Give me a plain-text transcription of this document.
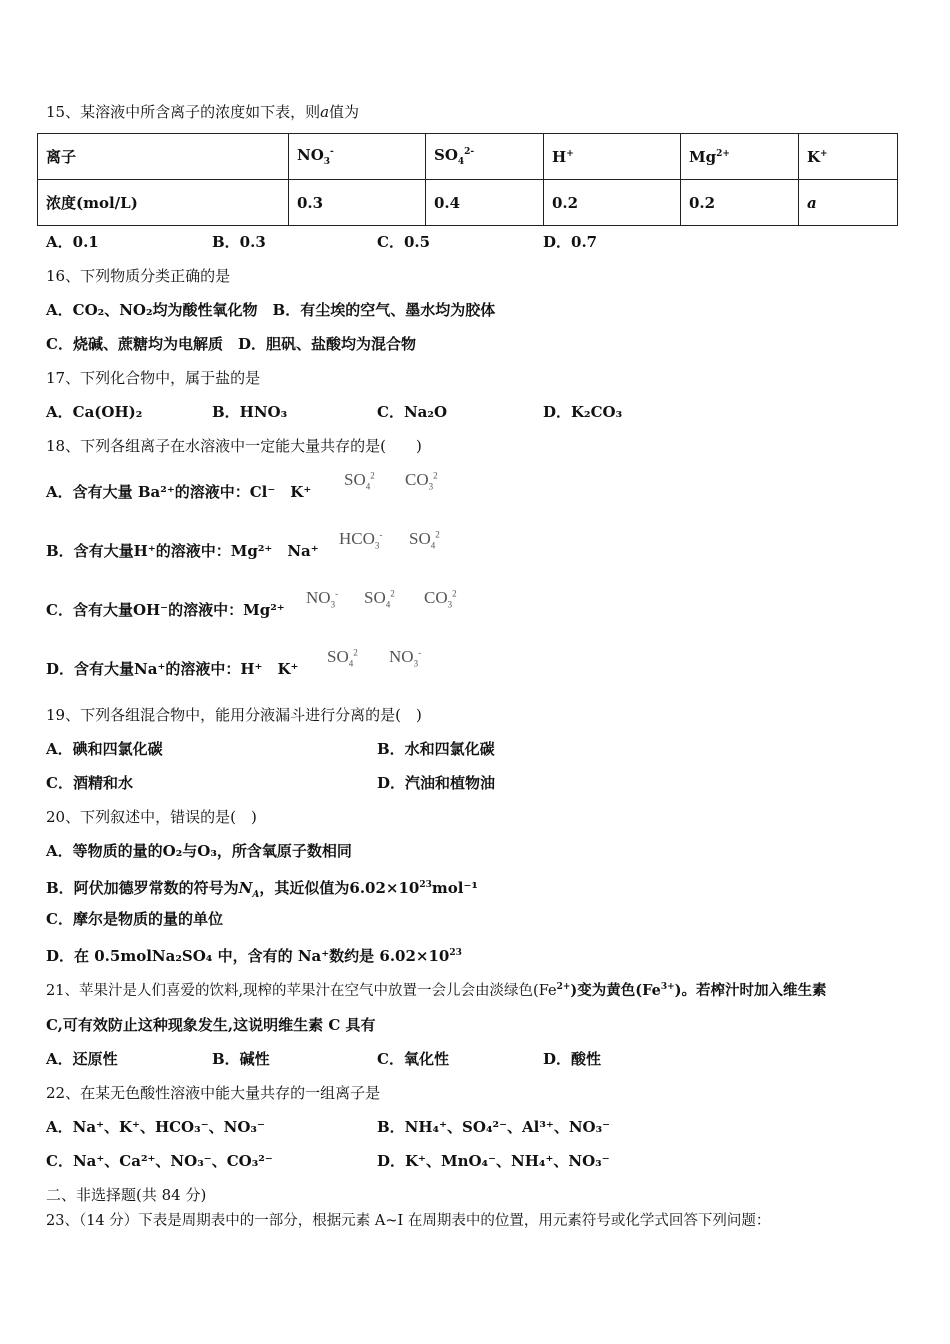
15、某溶液中所含离子的浓度如下表，则a值为
离子	$NO_3^-$	$SO_4^{2-}$	H+	$Mg^{2+}$	K+
浓度(mol/L)	0.3	0.4	0.2	0.2	a
A．0.1	B．0.3	C．0.5	D．0.7
16、下列物质分类正确的是
A．CO₂、NO₂均为酸性氧化物　B．有尘埃的空气、墨水均为胶体
C．烧碱、蔗糖均为电解质　D．胆矾、盐酸均为混合物
17、下列化合物中，属于盐的是
A．Ca(OH)₂	B．HNO₃	C．Na₂O	D．K₂CO₃
18、下列各组离子在水溶液中一定能大量共存的是(　　)
A．含有大量 Ba²⁺的溶液中：Cl⁻　K⁺
$SO_4^2$ $CO_3^2$
B．含有大量H⁺的溶液中：Mg²⁺　Na⁺
$HCO_3^-$ $SO_4^2$
C．含有大量OH⁻的溶液中：Mg²⁺
$NO_3^-$ $SO_4^2$ $CO_3^2$
D．含有大量Na⁺的溶液中：H⁺　K⁺
$SO_4^2$ $NO_3^-$
19、下列各组混合物中，能用分液漏斗进行分离的是(　)
A．碘和四氯化碳	B．水和四氯化碳
C．酒精和水	D．汽油和植物油
20、下列叙述中，错误的是(　)
A．等物质的量的O₂与O₃，所含氧原子数相同
B．阿伏加德罗常数的符号为$N_A$，其近似值为$6.02\times 10^{23}mol^{-1}$
C．摩尔是物质的量的单位
D．在 0.5molNa₂SO₄ 中，含有的 Na⁺数约是 $6.02\times 10^{23}$
21、苹果汁是人们喜爱的饮料,现榨的苹果汁在空气中放置一会儿会由淡绿色$(Fe^{2+})$变为黄色$(Fe^{3+})$。若榨汁时加入维生素
C,可有效防止这种现象发生,这说明维生素 C 具有
A．还原性	B．碱性	C．氧化性	D．酸性
22、在某无色酸性溶液中能大量共存的一组离子是
A．Na⁺、K⁺、HCO₃⁻、NO₃⁻	B．NH₄⁺、SO₄²⁻、Al³⁺、NO₃⁻
C．Na⁺、Ca²⁺、NO₃⁻、CO₃²⁻	D．K⁺、MnO₄⁻、NH₄⁺、NO₃⁻
二、非选择题(共 84 分)
23、（14 分）下表是周期表中的一部分，根据元素 A~I 在周期表中的位置，用元素符号或化学式回答下列问题：
